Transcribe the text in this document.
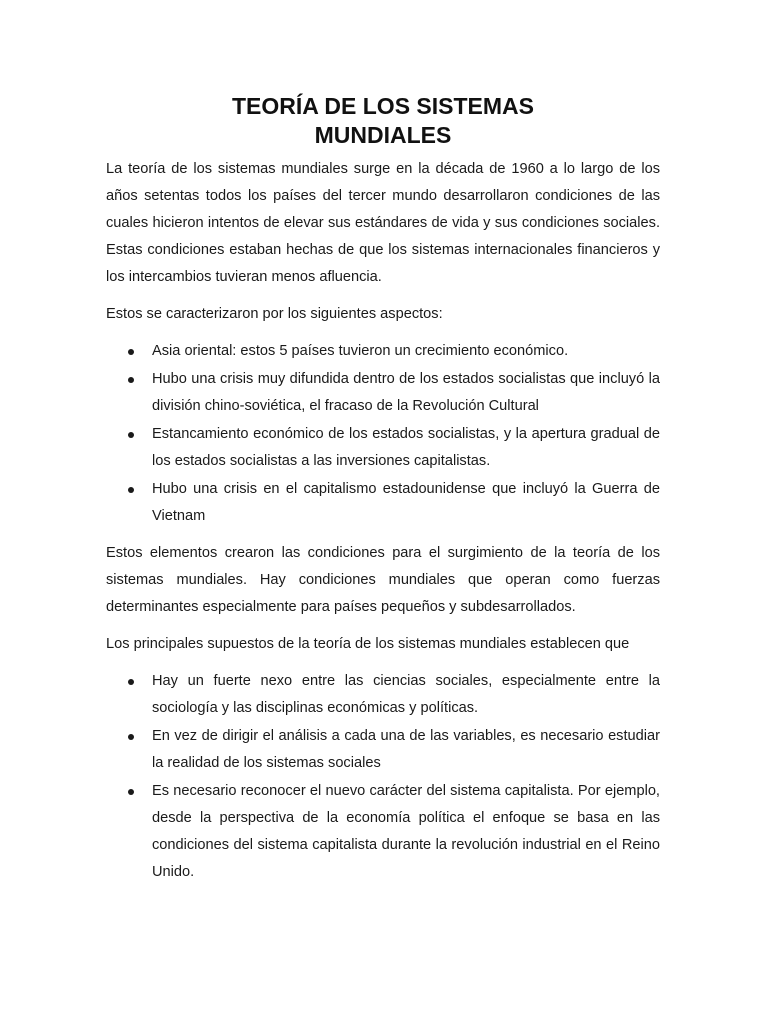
TEORÍA DE LOS SISTEMAS
MUNDIALES

La teoría de los sistemas mundiales surge en la década de 1960 a lo largo de los años setentas todos los países del tercer mundo desarrollaron condiciones de las cuales hicieron intentos de elevar sus estándares de vida y sus condiciones sociales. Estas condiciones estaban hechas de que los sistemas internacionales financieros y los intercambios tuvieran menos afluencia.

Estos se caracterizaron por los siguientes aspectos:

Asia oriental: estos 5 países tuvieron un crecimiento económico.
Hubo una crisis muy difundida dentro de los estados socialistas que incluyó la división chino-soviética, el fracaso de la Revolución Cultural
Estancamiento económico de los estados socialistas, y la apertura gradual de los estados socialistas a las inversiones capitalistas.
Hubo una crisis en el capitalismo estadounidense que incluyó la Guerra de Vietnam

Estos elementos crearon las condiciones para el surgimiento de la teoría de los sistemas mundiales. Hay condiciones mundiales que operan como fuerzas determinantes especialmente para países pequeños y subdesarrollados.

Los principales supuestos de la teoría de los sistemas mundiales establecen que

Hay un fuerte nexo entre las ciencias sociales, especialmente entre la sociología y las disciplinas económicas y políticas.
En vez de dirigir el análisis a cada una de las variables, es necesario estudiar la realidad de los sistemas sociales
Es necesario reconocer el nuevo carácter del sistema capitalista. Por ejemplo, desde la perspectiva de la economía política el enfoque se basa en las condiciones del sistema capitalista durante la revolución industrial en el Reino Unido.
